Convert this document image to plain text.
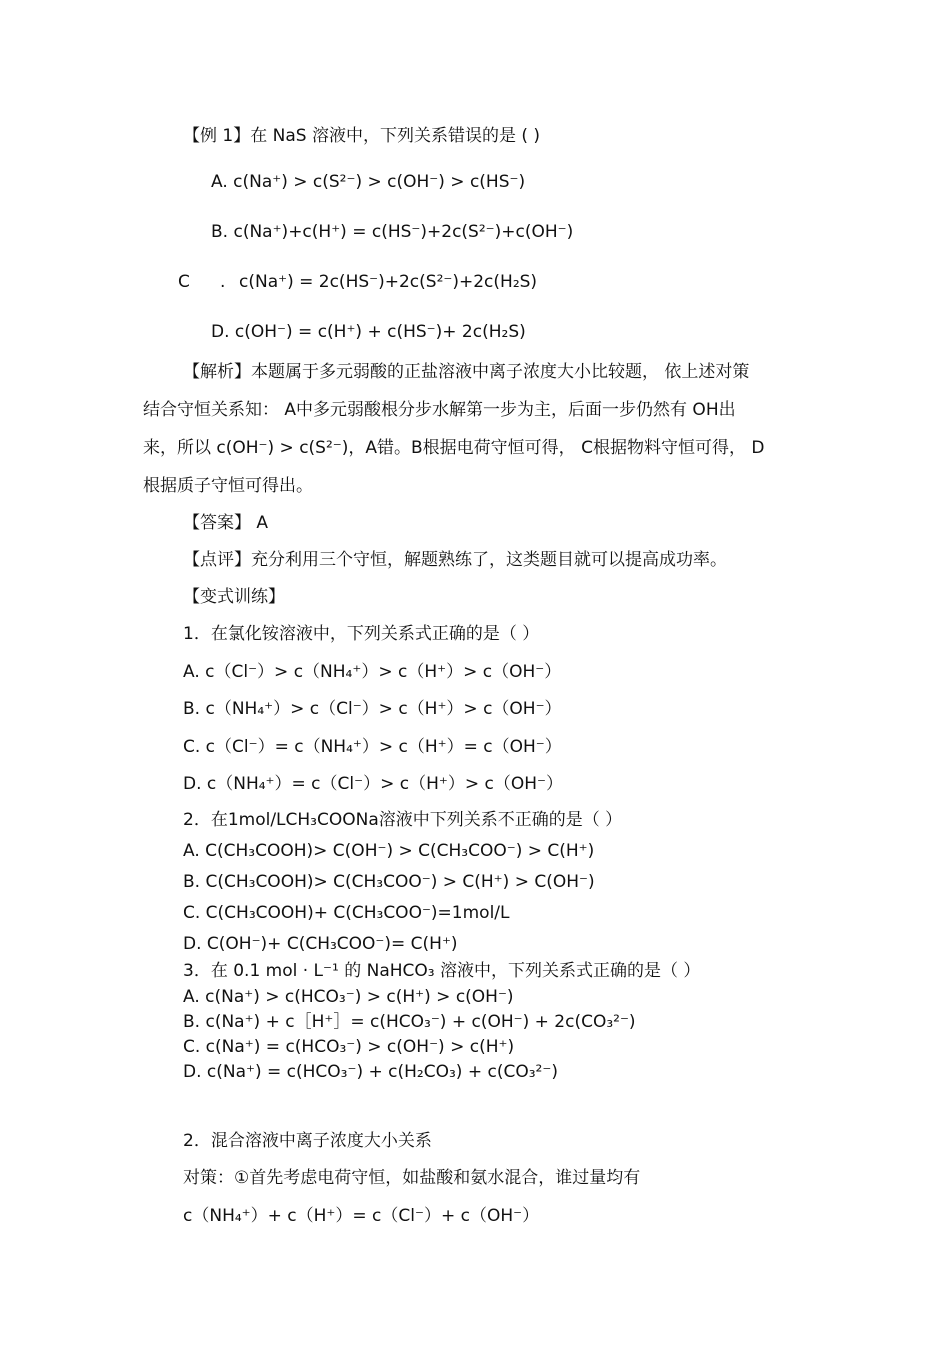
【例 1】在 NaS 溶液中，下列关系错误的是 ( )
A. c(Na⁺) > c(S²⁻) > c(OH⁻) > c(HS⁻)
B. c(Na⁺)+c(H⁺) = c(HS⁻)+2c(S²⁻)+c(OH⁻)
C . c(Na⁺) = 2c(HS⁻)+2c(S²⁻)+2c(H₂S)
D. c(OH⁻) = c(H⁺) + c(HS⁻)+ 2c(H₂S)
【解析】本题属于多元弱酸的正盐溶液中离子浓度大小比较题， 依上述对策
结合守恒关系知： A中多元弱酸根分步水解第一步为主，后面一步仍然有 OH出
来，所以 c(OH⁻) > c(S²⁻)，A错。B根据电荷守恒可得， C根据物料守恒可得， D
根据质子守恒可得出。
【答案】 A
【点评】充分利用三个守恒，解题熟练了，这类题目就可以提高成功率。
【变式训练】
1．在氯化铵溶液中，下列关系式正确的是（ ）
A. c（Cl⁻）> c（NH₄⁺）> c（H⁺）> c（OH⁻）
B. c（NH₄⁺）> c（Cl⁻）> c（H⁺）> c（OH⁻）
C. c（Cl⁻）= c（NH₄⁺）> c（H⁺）= c（OH⁻）
D. c（NH₄⁺）= c（Cl⁻）> c（H⁺）> c（OH⁻）
2．在1mol/LCH₃COONa溶液中下列关系不正确的是（ ）
A. C(CH₃COOH)> C(OH⁻) > C(CH₃COO⁻) > C(H⁺)
B. C(CH₃COOH)> C(CH₃COO⁻) > C(H⁺) > C(OH⁻)
C. C(CH₃COOH)+ C(CH₃COO⁻)=1mol/L
D. C(OH⁻)+ C(CH₃COO⁻)= C(H⁺)
3．在 0.1 mol · L⁻¹ 的 NaHCO₃ 溶液中，下列关系式正确的是（ ）
A. c(Na⁺) > c(HCO₃⁻) > c(H⁺) > c(OH⁻)
B. c(Na⁺) + c［H⁺］= c(HCO₃⁻) + c(OH⁻) + 2c(CO₃²⁻)
C. c(Na⁺) = c(HCO₃⁻) > c(OH⁻) > c(H⁺)
D. c(Na⁺) = c(HCO₃⁻) + c(H₂CO₃) + c(CO₃²⁻)
2．混合溶液中离子浓度大小关系
对策：①首先考虑电荷守恒，如盐酸和氨水混合，谁过量均有
c（NH₄⁺）+ c（H⁺）= c（Cl⁻）+ c（OH⁻）
